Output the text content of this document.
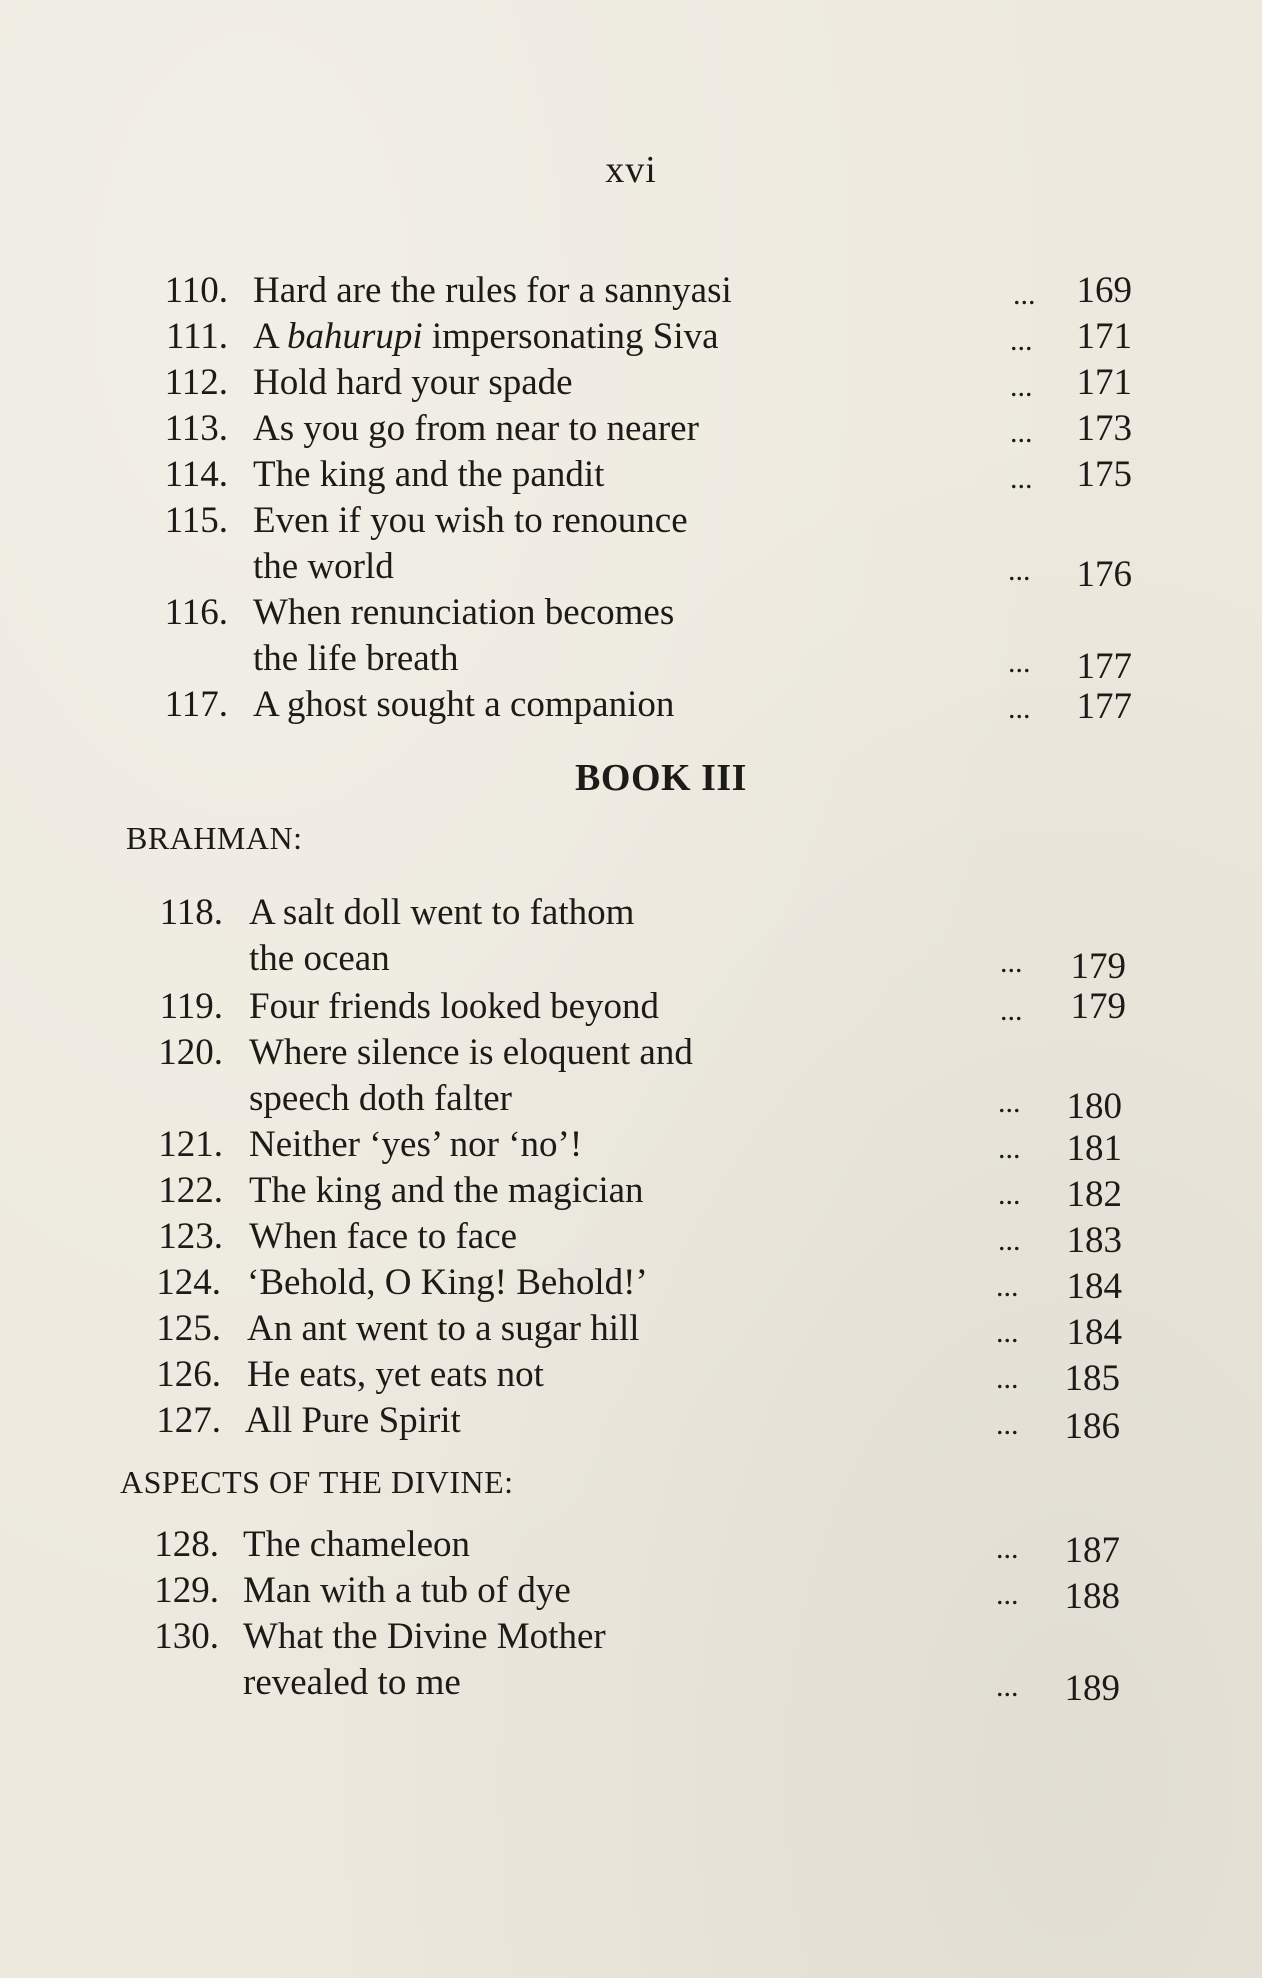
xvi
110. Hard are the rules for a sannyasi	...	169
111. A bahurupi impersonating Siva	...	171
112. Hold hard your spade	...	171
113. As you go from near to nearer	...	173
114. The king and the pandit	...	175
115. Even if you wish to renounce
the world	...	176
116. When renunciation becomes
the life breath	...	177
117. A ghost sought a companion	...	177
BOOK III
BRAHMAN:
118. A salt doll went to fathom
the ocean	...	179
119. Four friends looked beyond	...	179
120. Where silence is eloquent and
speech doth falter	...	180
121. Neither ‘yes’ nor ‘no’!	...	181
122. The king and the magician	...	182
123. When face to face	...	183
124. ‘Behold, O King! Behold!’	...	184
125. An ant went to a sugar hill	...	184
126. He eats, yet eats not	...	185
127. All Pure Spirit	...	186
ASPECTS OF THE DIVINE:
128. The chameleon	...	187
129. Man with a tub of dye	...	188
130. What the Divine Mother
revealed to me	...	189
